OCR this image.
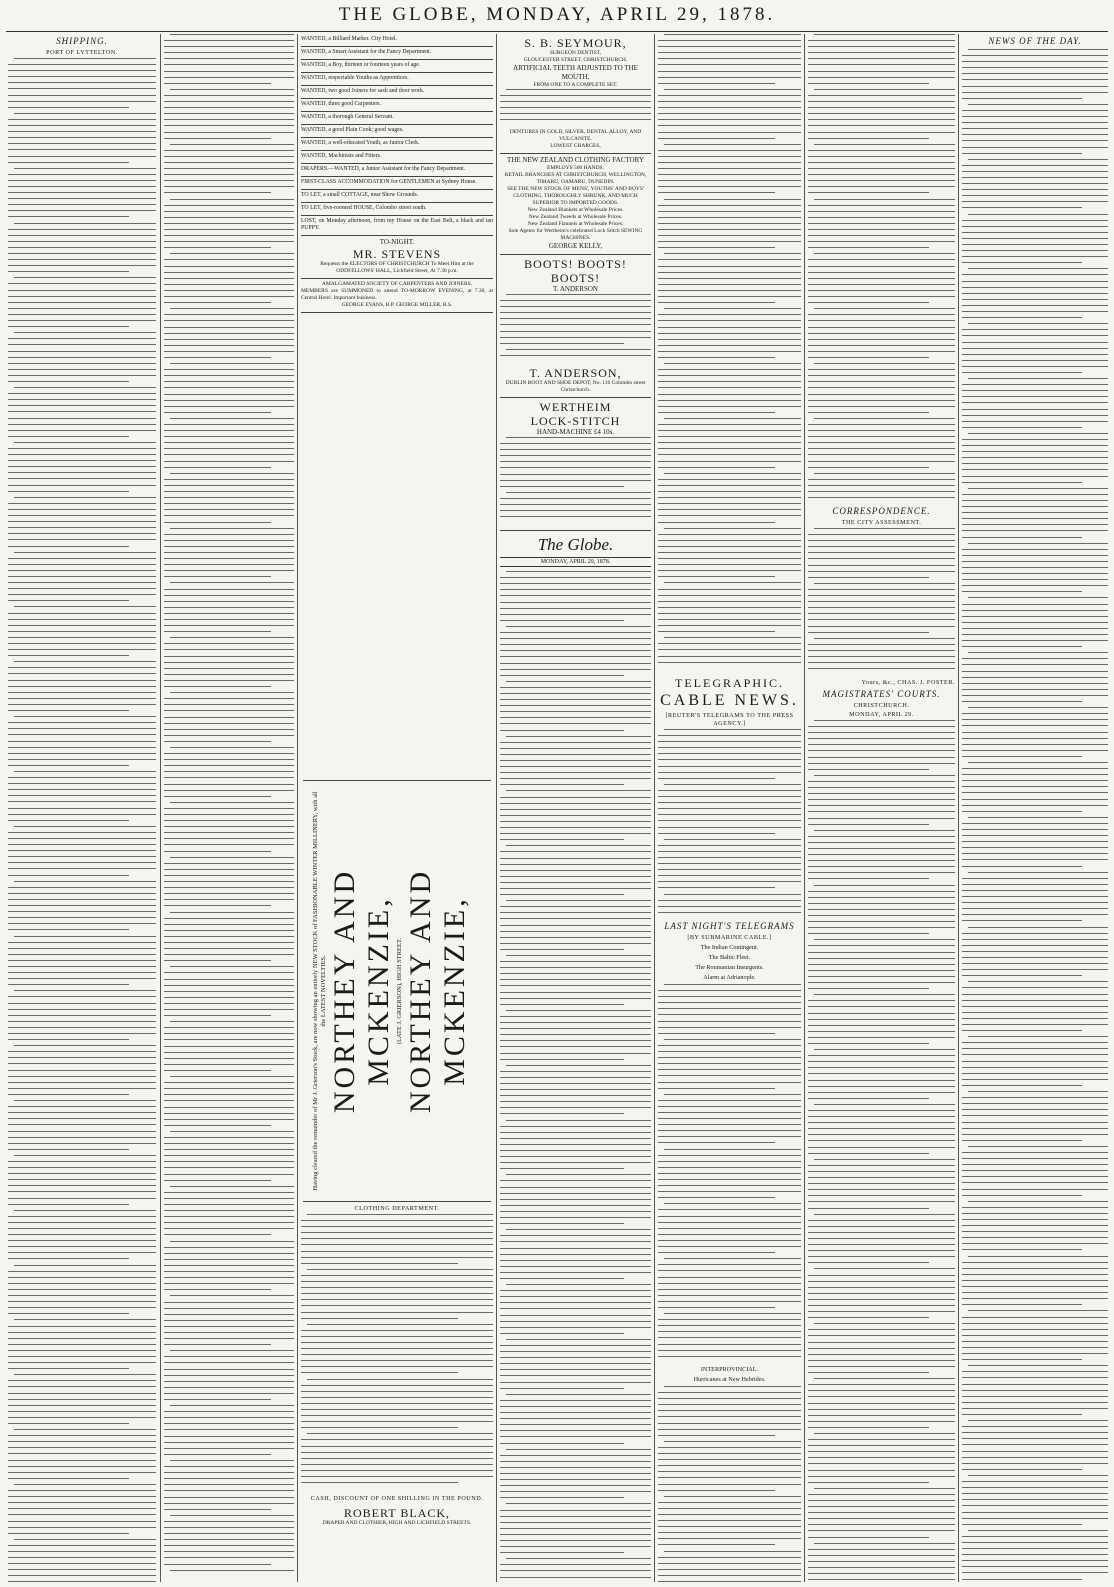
THE GLOBE, MONDAY, APRIL 29, 1878.
SHIPPING.
PORT OF LYTTELTON.
WANTED, a Billiard Marker. City Hotel.
WANTED, a Smart Assistant for the Fancy Department.
WANTED, a Boy, thirteen or fourteen years of age.
WANTED, respectable Youths as Apprentices.
WANTED, two good Joiners for sash and door work.
WANTED, three good Carpenters.
WANTED, a thorough General Servant.
WANTED, a good Plain Cook; good wages.
WANTED, a well-educated Youth, as Junior Clerk.
WANTED, Machinists and Fitters.
DRAPERS.—WANTED, a Junior Assistant for the Fancy Department.
FIRST-CLASS ACCOMMODATION for GENTLEMEN at Sydney House.
TO LET, a small COTTAGE, near Show Grounds.
TO LET, five-roomed HOUSE, Colombo street south.
LOST, on Monday afternoon, from my House on the East Belt, a black and tan PUPPY.
TO-NIGHT.
MR. STEVENS
Requests the ELECTORS OF CHRISTCHURCH To Meet Him at the ODDFELLOWS' HALL, Lichfield Street, At 7.30 p.m.
AMALGAMATED SOCIETY OF CARPENTERS AND JOINERS.
MEMBERS are SUMMONED to attend TO-MORROW EVENING, at 7.30, at Central Hotel. Important business.
GEORGE EVANS, B.P. GEORGE MILLER, B.S.
Having cleared the remainder of Mr J. Grierson's Stock, are now showing an entirely NEW STOCK of FASHIONABLE WINTER MILLINERY, with all the LATEST NOVELTIES. NORTHEY AND MCKENZIE, (LATE J. GRIERSON), HIGH STREET. NORTHEY AND MCKENZIE,
CLOTHING DEPARTMENT.
CASH, DISCOUNT OF ONE SHILLING IN THE POUND.
ROBERT BLACK,
DRAPER AND CLOTHIER, HIGH AND LICHFIELD STREETS.
S. B. SEYMOUR,
SURGEON DENTIST,
GLOUCESTER STREET, CHRISTCHURCH.
ARTIFICIAL TEETH ADJUSTED TO THE MOUTH,
FROM ONE TO A COMPLETE SET.
DENTURES IN GOLD, SILVER, DENTAL ALLOY, AND VULCANITE.
LOWEST CHARGES,
THE NEW ZEALAND CLOTHING FACTORY
EMPLOYS 500 HANDS.
RETAIL BRANCHES AT CHRISTCHURCH, WELLINGTON, TIMARU, OAMARU, DUNEDIN.
SEE THE NEW STOCK OF MENS', YOUTHS' AND BOYS' CLOTHING, THOROUGHLY SHRUNK, AND MUCH SUPERIOR TO IMPORTED GOODS.
New Zealand Blankets at Wholesale Prices.
New Zealand Tweeds at Wholesale Prices.
New Zealand Flannels at Wholesale Prices.
Sole Agents for Wertheim's celebrated Lock Stitch SEWING MACHINES.
GEORGE KELLY,
BOOTS! BOOTS! BOOTS!
T. ANDERSON
T. ANDERSON,
DUBLIN BOOT AND SHOE DEPOT, No. 116 Colombo street Christchurch.
WERTHEIM
LOCK-STITCH
HAND-MACHINE £4 10s.
The Globe.
MONDAY, APRIL 29, 1878.
TELEGRAPHIC.
CABLE NEWS.
[REUTER'S TELEGRAMS TO THE PRESS AGENCY.]
LAST NIGHT'S TELEGRAMS
[BY SUBMARINE CABLE.]
The Indian Contingent.
The Baltic Fleet.
The Roumanian Insurgents.
Alarm at Adrianople.
INTERPROVINCIAL.
Hurricanes at New Hebrides.
CORRESPONDENCE.
THE CITY ASSESSMENT.
Yours, &c., CHAS. J. FOSTER.
MAGISTRATES' COURTS.
CHRISTCHURCH.
MONDAY, APRIL 29.
NEWS OF THE DAY.
